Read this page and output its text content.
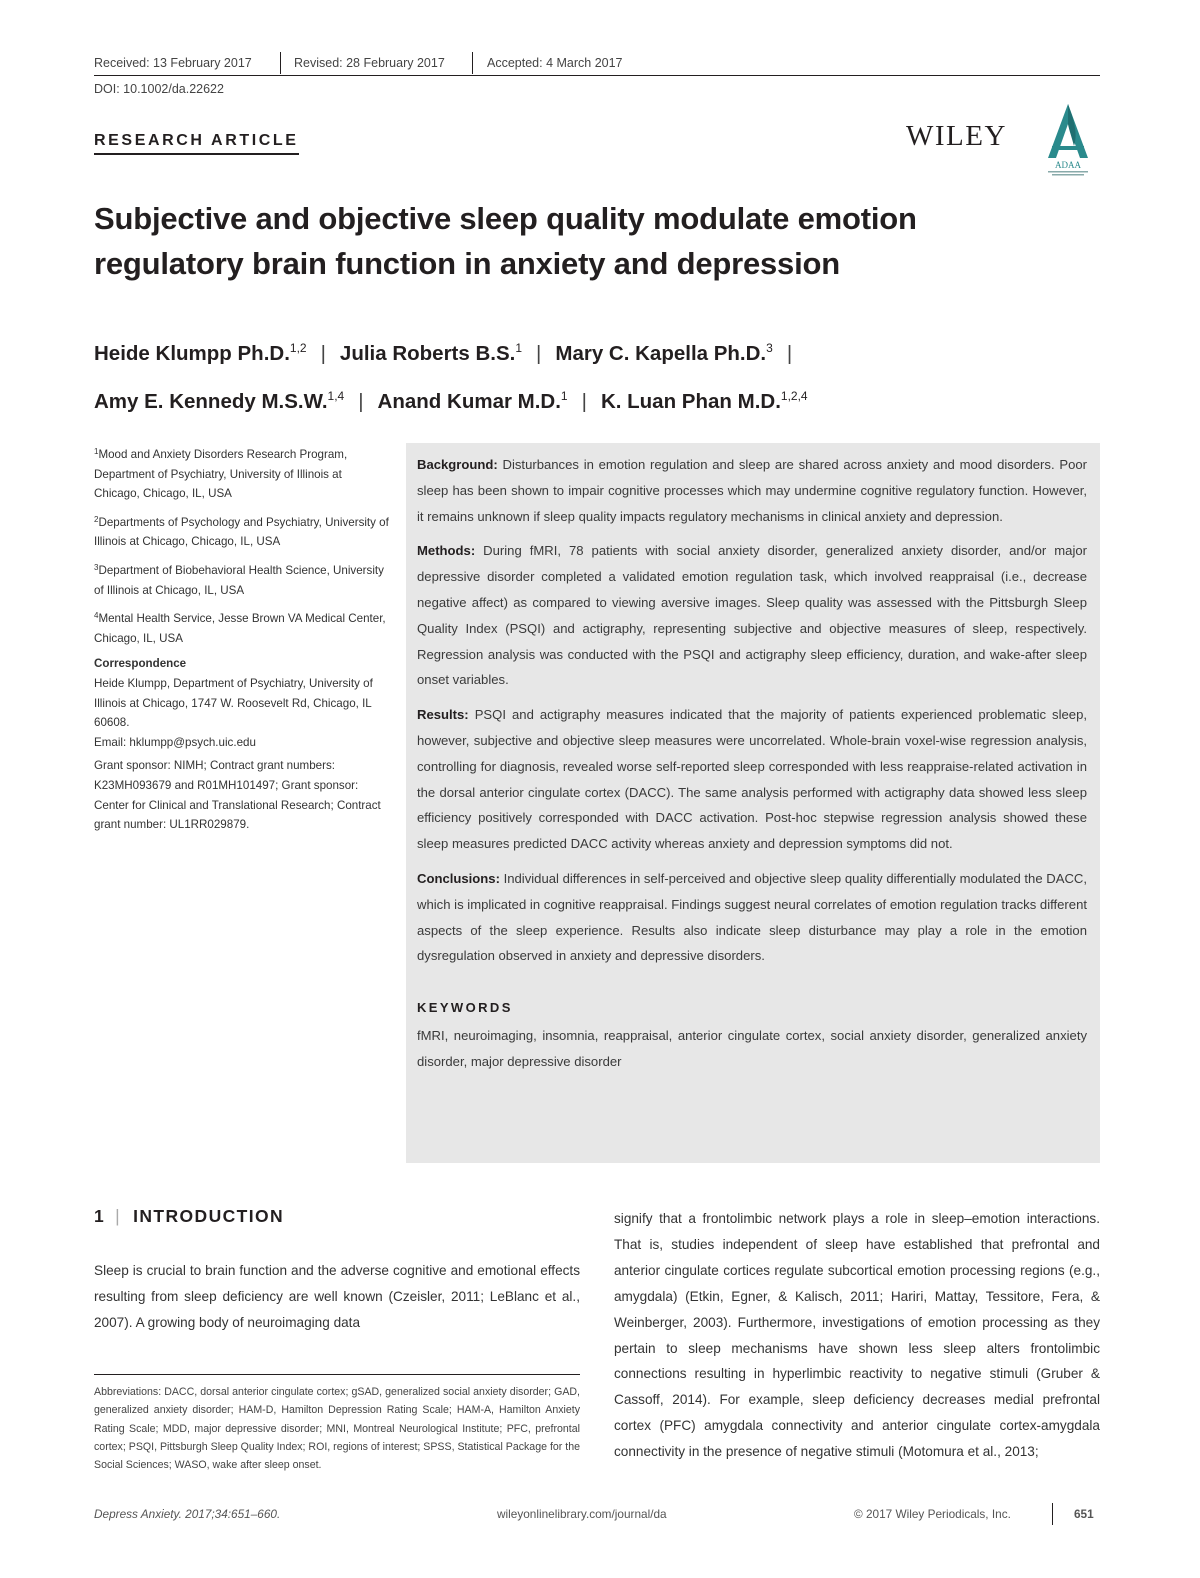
Received: 13 February 2017	Revised: 28 February 2017	Accepted: 4 March 2017
DOI: 10.1002/da.22622
RESEARCH ARTICLE	WILEY
ADAA
Subjective and objective sleep quality modulate emotion
regulatory brain function in anxiety and depression
Heide Klumpp Ph.D.$^{1,2}$ | Julia Roberts B.S.$^1$ | Mary C. Kapella Ph.D.$^3$ |
Amy E. Kennedy M.S.W.$^{1,4}$ | Anand Kumar M.D.$^1$ | K. Luan Phan M.D.$^{1,2,4}$
$^1$Mood and Anxiety Disorders Research Program, Department of Psychiatry, University of Illinois at Chicago, Chicago, IL, USA
$^2$Departments of Psychology and Psychiatry, University of Illinois at Chicago, Chicago, IL, USA
$^3$Department of Biobehavioral Health Science, University of Illinois at Chicago, IL, USA
$^4$Mental Health Service, Jesse Brown VA Medical Center, Chicago, IL, USA
Correspondence
Heide Klumpp, Department of Psychiatry, University of Illinois at Chicago, 1747 W. Roosevelt Rd, Chicago, IL 60608.
Email: hklumpp@psych.uic.edu
Grant sponsor: NIMH; Contract grant numbers: K23MH093679 and R01MH101497; Grant sponsor: Center for Clinical and Translational Research; Contract grant number: UL1RR029879.

Background: Disturbances in emotion regulation and sleep are shared across anxiety and mood disorders. Poor sleep has been shown to impair cognitive processes which may undermine cognitive regulatory function. However, it remains unknown if sleep quality impacts regulatory mechanisms in clinical anxiety and depression.

Methods: During fMRI, 78 patients with social anxiety disorder, generalized anxiety disorder, and/or major depressive disorder completed a validated emotion regulation task, which involved reappraisal (i.e., decrease negative affect) as compared to viewing aversive images. Sleep quality was assessed with the Pittsburgh Sleep Quality Index (PSQI) and actigraphy, representing subjective and objective measures of sleep, respectively. Regression analysis was conducted with the PSQI and actigraphy sleep efficiency, duration, and wake-after sleep onset variables.

Results: PSQI and actigraphy measures indicated that the majority of patients experienced problematic sleep, however, subjective and objective sleep measures were uncorrelated. Whole-brain voxel-wise regression analysis, controlling for diagnosis, revealed worse self-reported sleep corresponded with less reappraise-related activation in the dorsal anterior cingulate cortex (DACC). The same analysis performed with actigraphy data showed less sleep efficiency positively corresponded with DACC activation. Post-hoc stepwise regression analysis showed these sleep measures predicted DACC activity whereas anxiety and depression symptoms did not.

Conclusions: Individual differences in self-perceived and objective sleep quality differentially modulated the DACC, which is implicated in cognitive reappraisal. Findings suggest neural correlates of emotion regulation tracks different aspects of the sleep experience. Results also indicate sleep disturbance may play a role in the emotion dysregulation observed in anxiety and depressive disorders.

KEYWORDS
fMRI, neuroimaging, insomnia, reappraisal, anterior cingulate cortex, social anxiety disorder, generalized anxiety disorder, major depressive disorder
1 | INTRODUCTION
Sleep is crucial to brain function and the adverse cognitive and emotional effects resulting from sleep deficiency are well known (Czeisler, 2011; LeBlanc et al., 2007). A growing body of neuroimaging data
signify that a frontolimbic network plays a role in sleep–emotion interactions. That is, studies independent of sleep have established that prefrontal and anterior cingulate cortices regulate subcortical emotion processing regions (e.g., amygdala) (Etkin, Egner, & Kalisch, 2011; Hariri, Mattay, Tessitore, Fera, & Weinberger, 2003). Furthermore, investigations of emotion processing as they pertain to sleep mechanisms have shown less sleep alters frontolimbic connections resulting in hyperlimbic reactivity to negative stimuli (Gruber & Cassoff, 2014). For example, sleep deficiency decreases medial prefrontal cortex (PFC) amygdala connectivity and anterior cingulate cortex-amygdala connectivity in the presence of negative stimuli (Motomura et al., 2013;
Abbreviations: DACC, dorsal anterior cingulate cortex; gSAD, generalized social anxiety disorder; GAD, generalized anxiety disorder; HAM-D, Hamilton Depression Rating Scale; HAM-A, Hamilton Anxiety Rating Scale; MDD, major depressive disorder; MNI, Montreal Neurological Institute; PFC, prefrontal cortex; PSQI, Pittsburgh Sleep Quality Index; ROI, regions of interest; SPSS, Statistical Package for the Social Sciences; WASO, wake after sleep onset.
Depress Anxiety. 2017;34:651–660.	wileyonlinelibrary.com/journal/da	© 2017 Wiley Periodicals, Inc.	651
